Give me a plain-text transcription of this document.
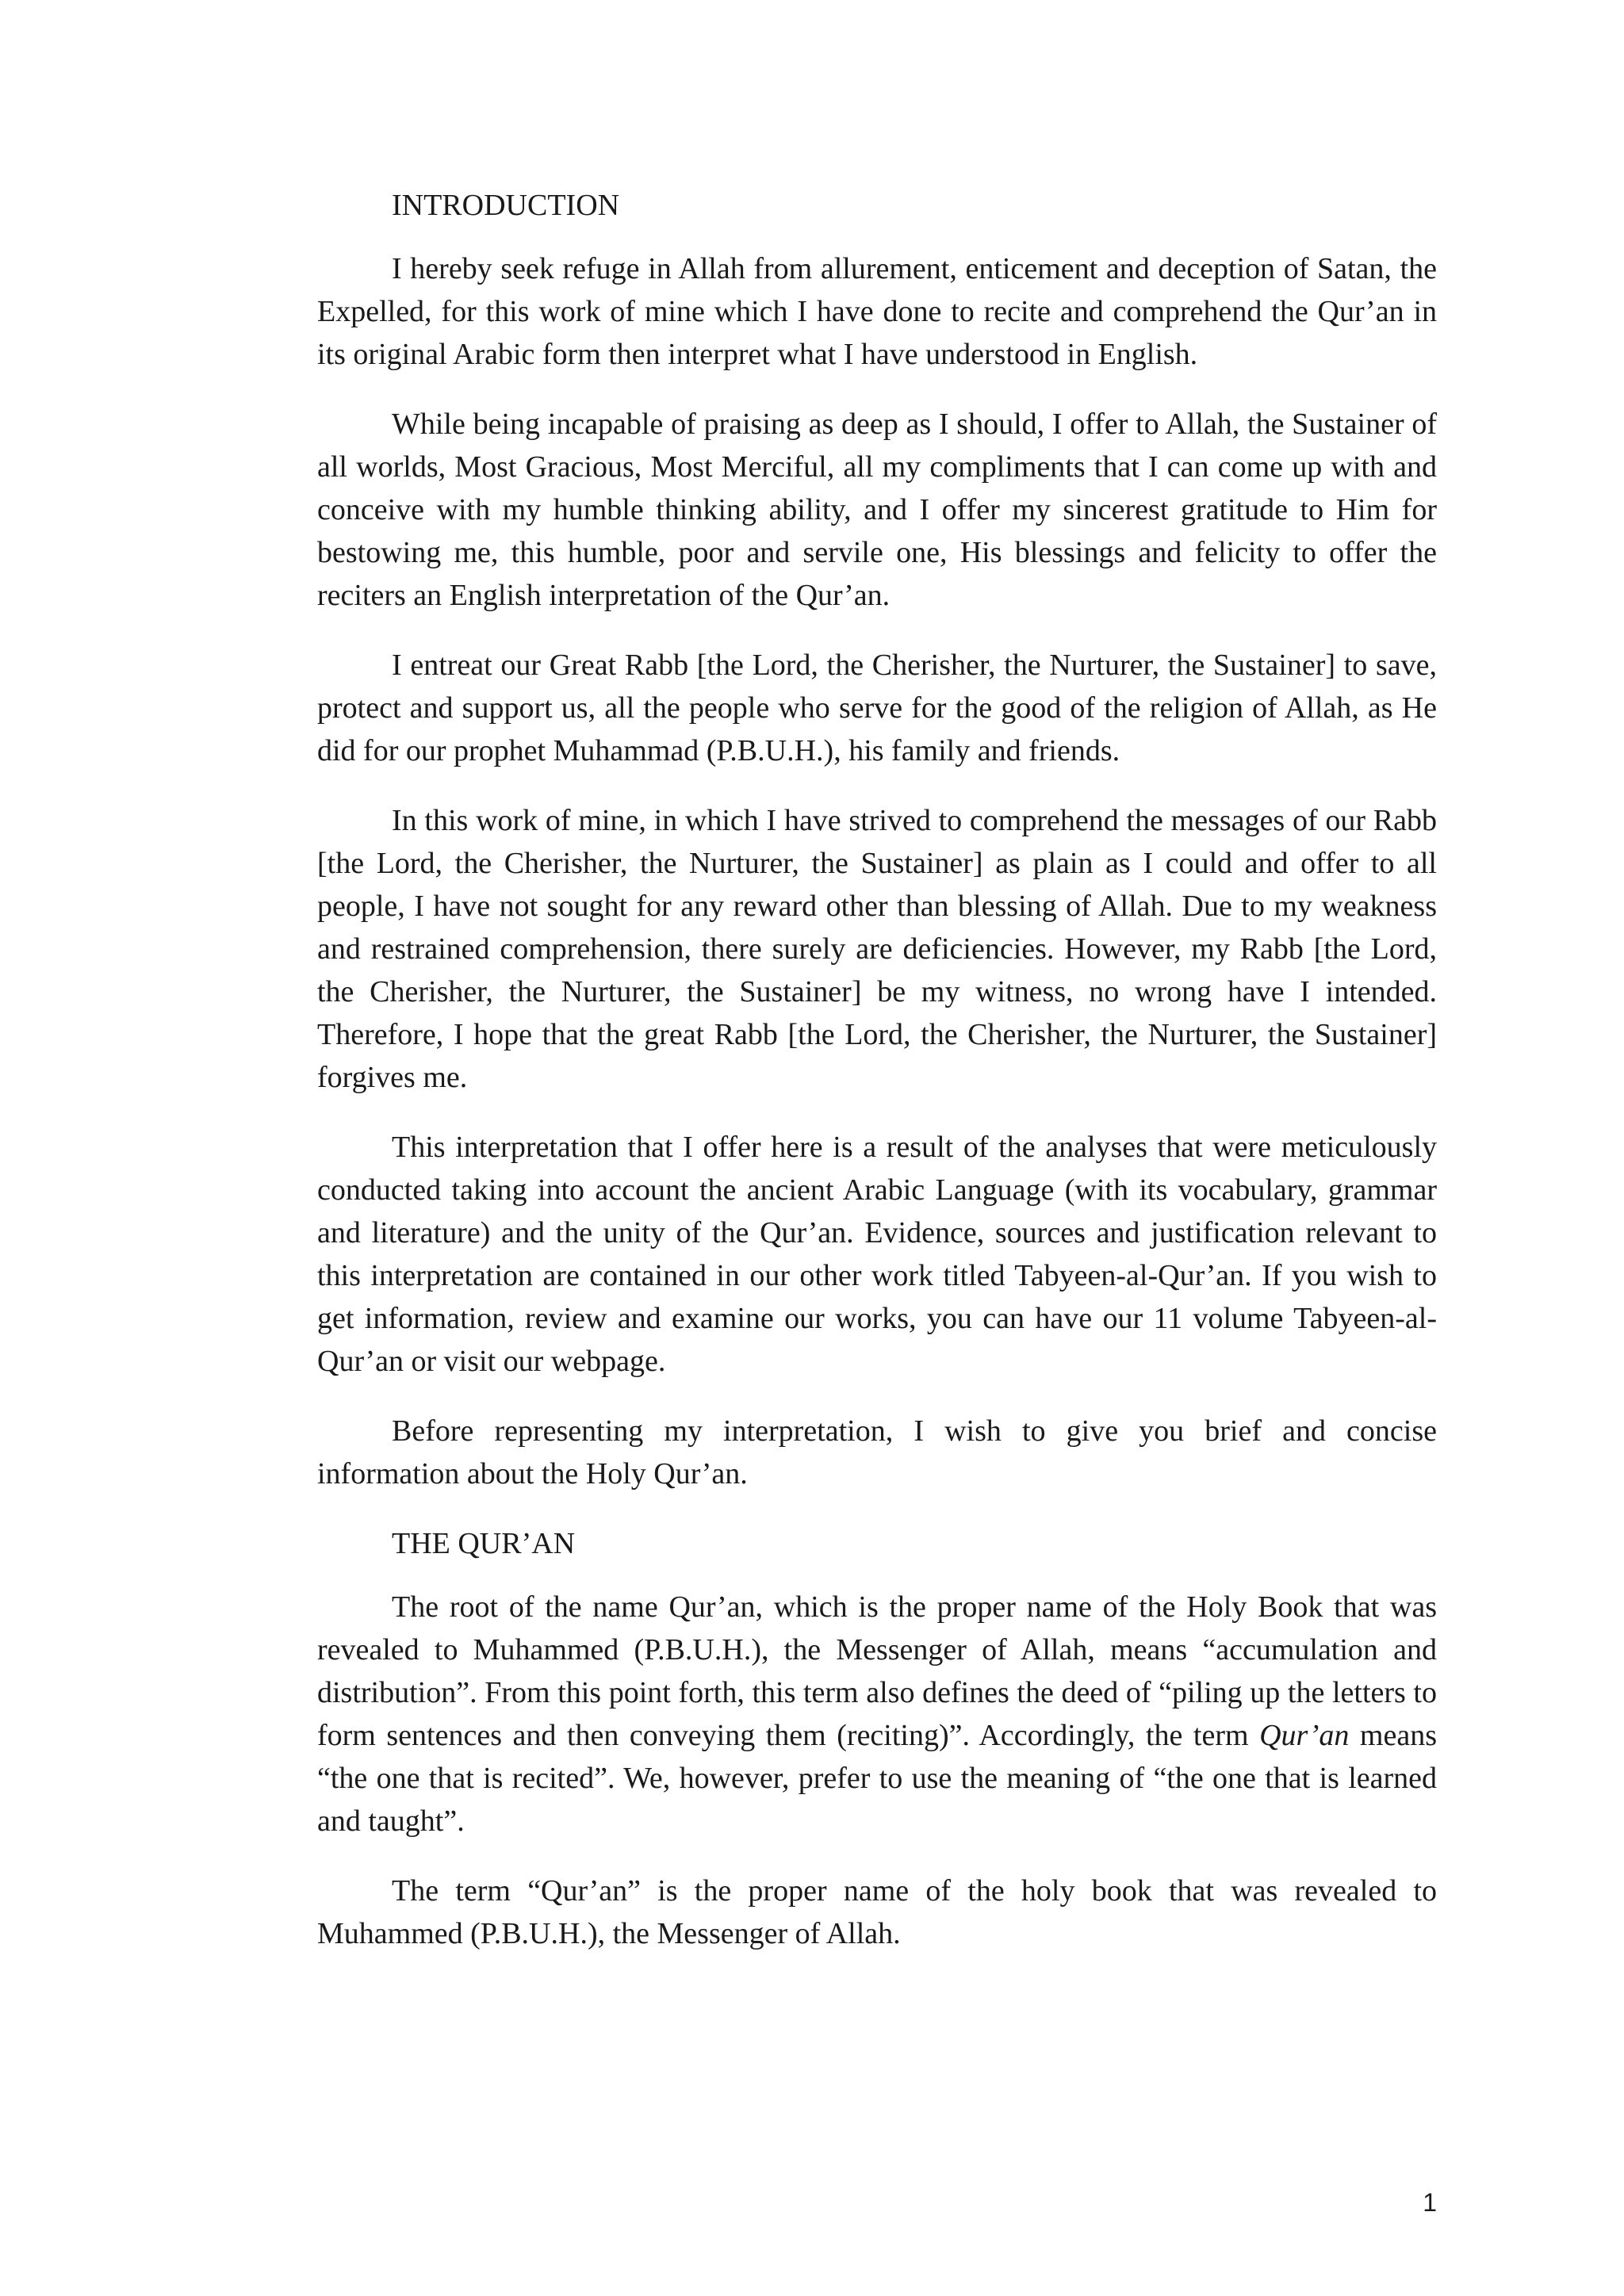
INTRODUCTION

I hereby seek refuge in Allah from allurement, enticement and deception of Satan, the Expelled, for this work of mine which I have done to recite and comprehend the Qur’an in its original Arabic form then interpret what I have understood in English.

While being incapable of praising as deep as I should, I offer to Allah, the Sustainer of all worlds, Most Gracious, Most Merciful, all my compliments that I can come up with and conceive with my humble thinking ability, and I offer my sincerest gratitude to Him for bestowing me, this humble, poor and servile one, His blessings and felicity to offer the reciters an English interpretation of the Qur’an.

I entreat our Great Rabb [the Lord, the Cherisher, the Nurturer, the Sustainer] to save, protect and support us, all the people who serve for the good of the religion of Allah, as He did for our prophet Muhammad (P.B.U.H.), his family and friends.

In this work of mine, in which I have strived to comprehend the messages of our Rabb [the Lord, the Cherisher, the Nurturer, the Sustainer] as plain as I could and offer to all people, I have not sought for any reward other than blessing of Allah. Due to my weakness and restrained comprehension, there surely are deficiencies. However, my Rabb [the Lord, the Cherisher, the Nurturer, the Sustainer] be my witness, no wrong have I intended. Therefore, I hope that the great Rabb [the Lord, the Cherisher, the Nurturer, the Sustainer] forgives me.

This interpretation that I offer here is a result of the analyses that were meticulously conducted taking into account the ancient Arabic Language (with its vocabulary, grammar and literature) and the unity of the Qur’an. Evidence, sources and justification relevant to this interpretation are contained in our other work titled Tabyeen-al-Qur’an. If you wish to get information, review and examine our works, you can have our 11 volume Tabyeen-al-Qur’an or visit our webpage.

Before representing my interpretation, I wish to give you brief and concise information about the Holy Qur’an.

THE QUR’AN

The root of the name Qur’an, which is the proper name of the Holy Book that was revealed to Muhammed (P.B.U.H.), the Messenger of Allah, means “accumulation and distribution”. From this point forth, this term also defines the deed of “piling up the letters to form sentences and then conveying them (reciting)”. Accordingly, the term Qur’an means “the one that is recited”. We, however, prefer to use the meaning of “the one that is learned and taught”.

The term “Qur’an” is the proper name of the holy book that was revealed to Muhammed (P.B.U.H.), the Messenger of Allah.

1
